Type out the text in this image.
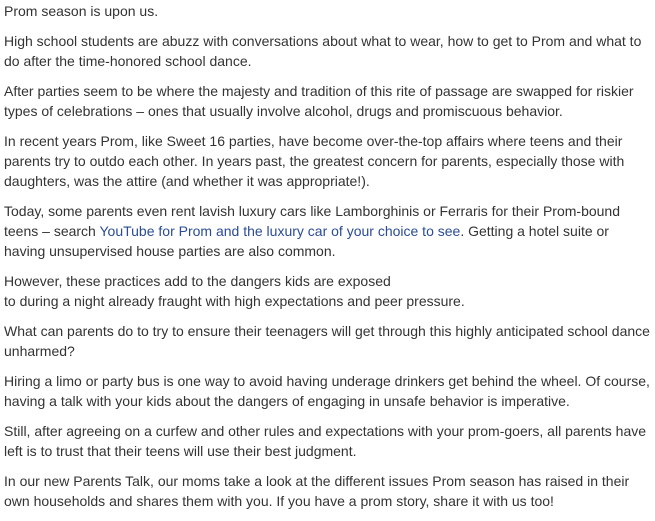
Prom season is upon us.

High school students are abuzz with conversations about what to wear, how to get to Prom and what to do after the time-honored school dance.

After parties seem to be where the majesty and tradition of this rite of passage are swapped for riskier types of celebrations – ones that usually involve alcohol, drugs and promiscuous behavior.

In recent years Prom, like Sweet 16 parties, have become over-the-top affairs where teens and their parents try to outdo each other. In years past, the greatest concern for parents, especially those with daughters, was the attire (and whether it was appropriate!).

Today, some parents even rent lavish luxury cars like Lamborghinis or Ferraris for their Prom-bound teens – search YouTube for Prom and the luxury car of your choice to see. Getting a hotel suite or having unsupervised house parties are also common.

However, these practices add to the dangers kids are exposed
to during a night already fraught with high expectations and peer pressure.

What can parents do to try to ensure their teenagers will get through this highly anticipated school dance unharmed?

Hiring a limo or party bus is one way to avoid having underage drinkers get behind the wheel. Of course, having a talk with your kids about the dangers of engaging in unsafe behavior is imperative.

Still, after agreeing on a curfew and other rules and expectations with your prom-goers, all parents have left is to trust that their teens will use their best judgment.

In our new Parents Talk, our moms take a look at the different issues Prom season has raised in their own households and shares them with you. If you have a prom story, share it with us too!
